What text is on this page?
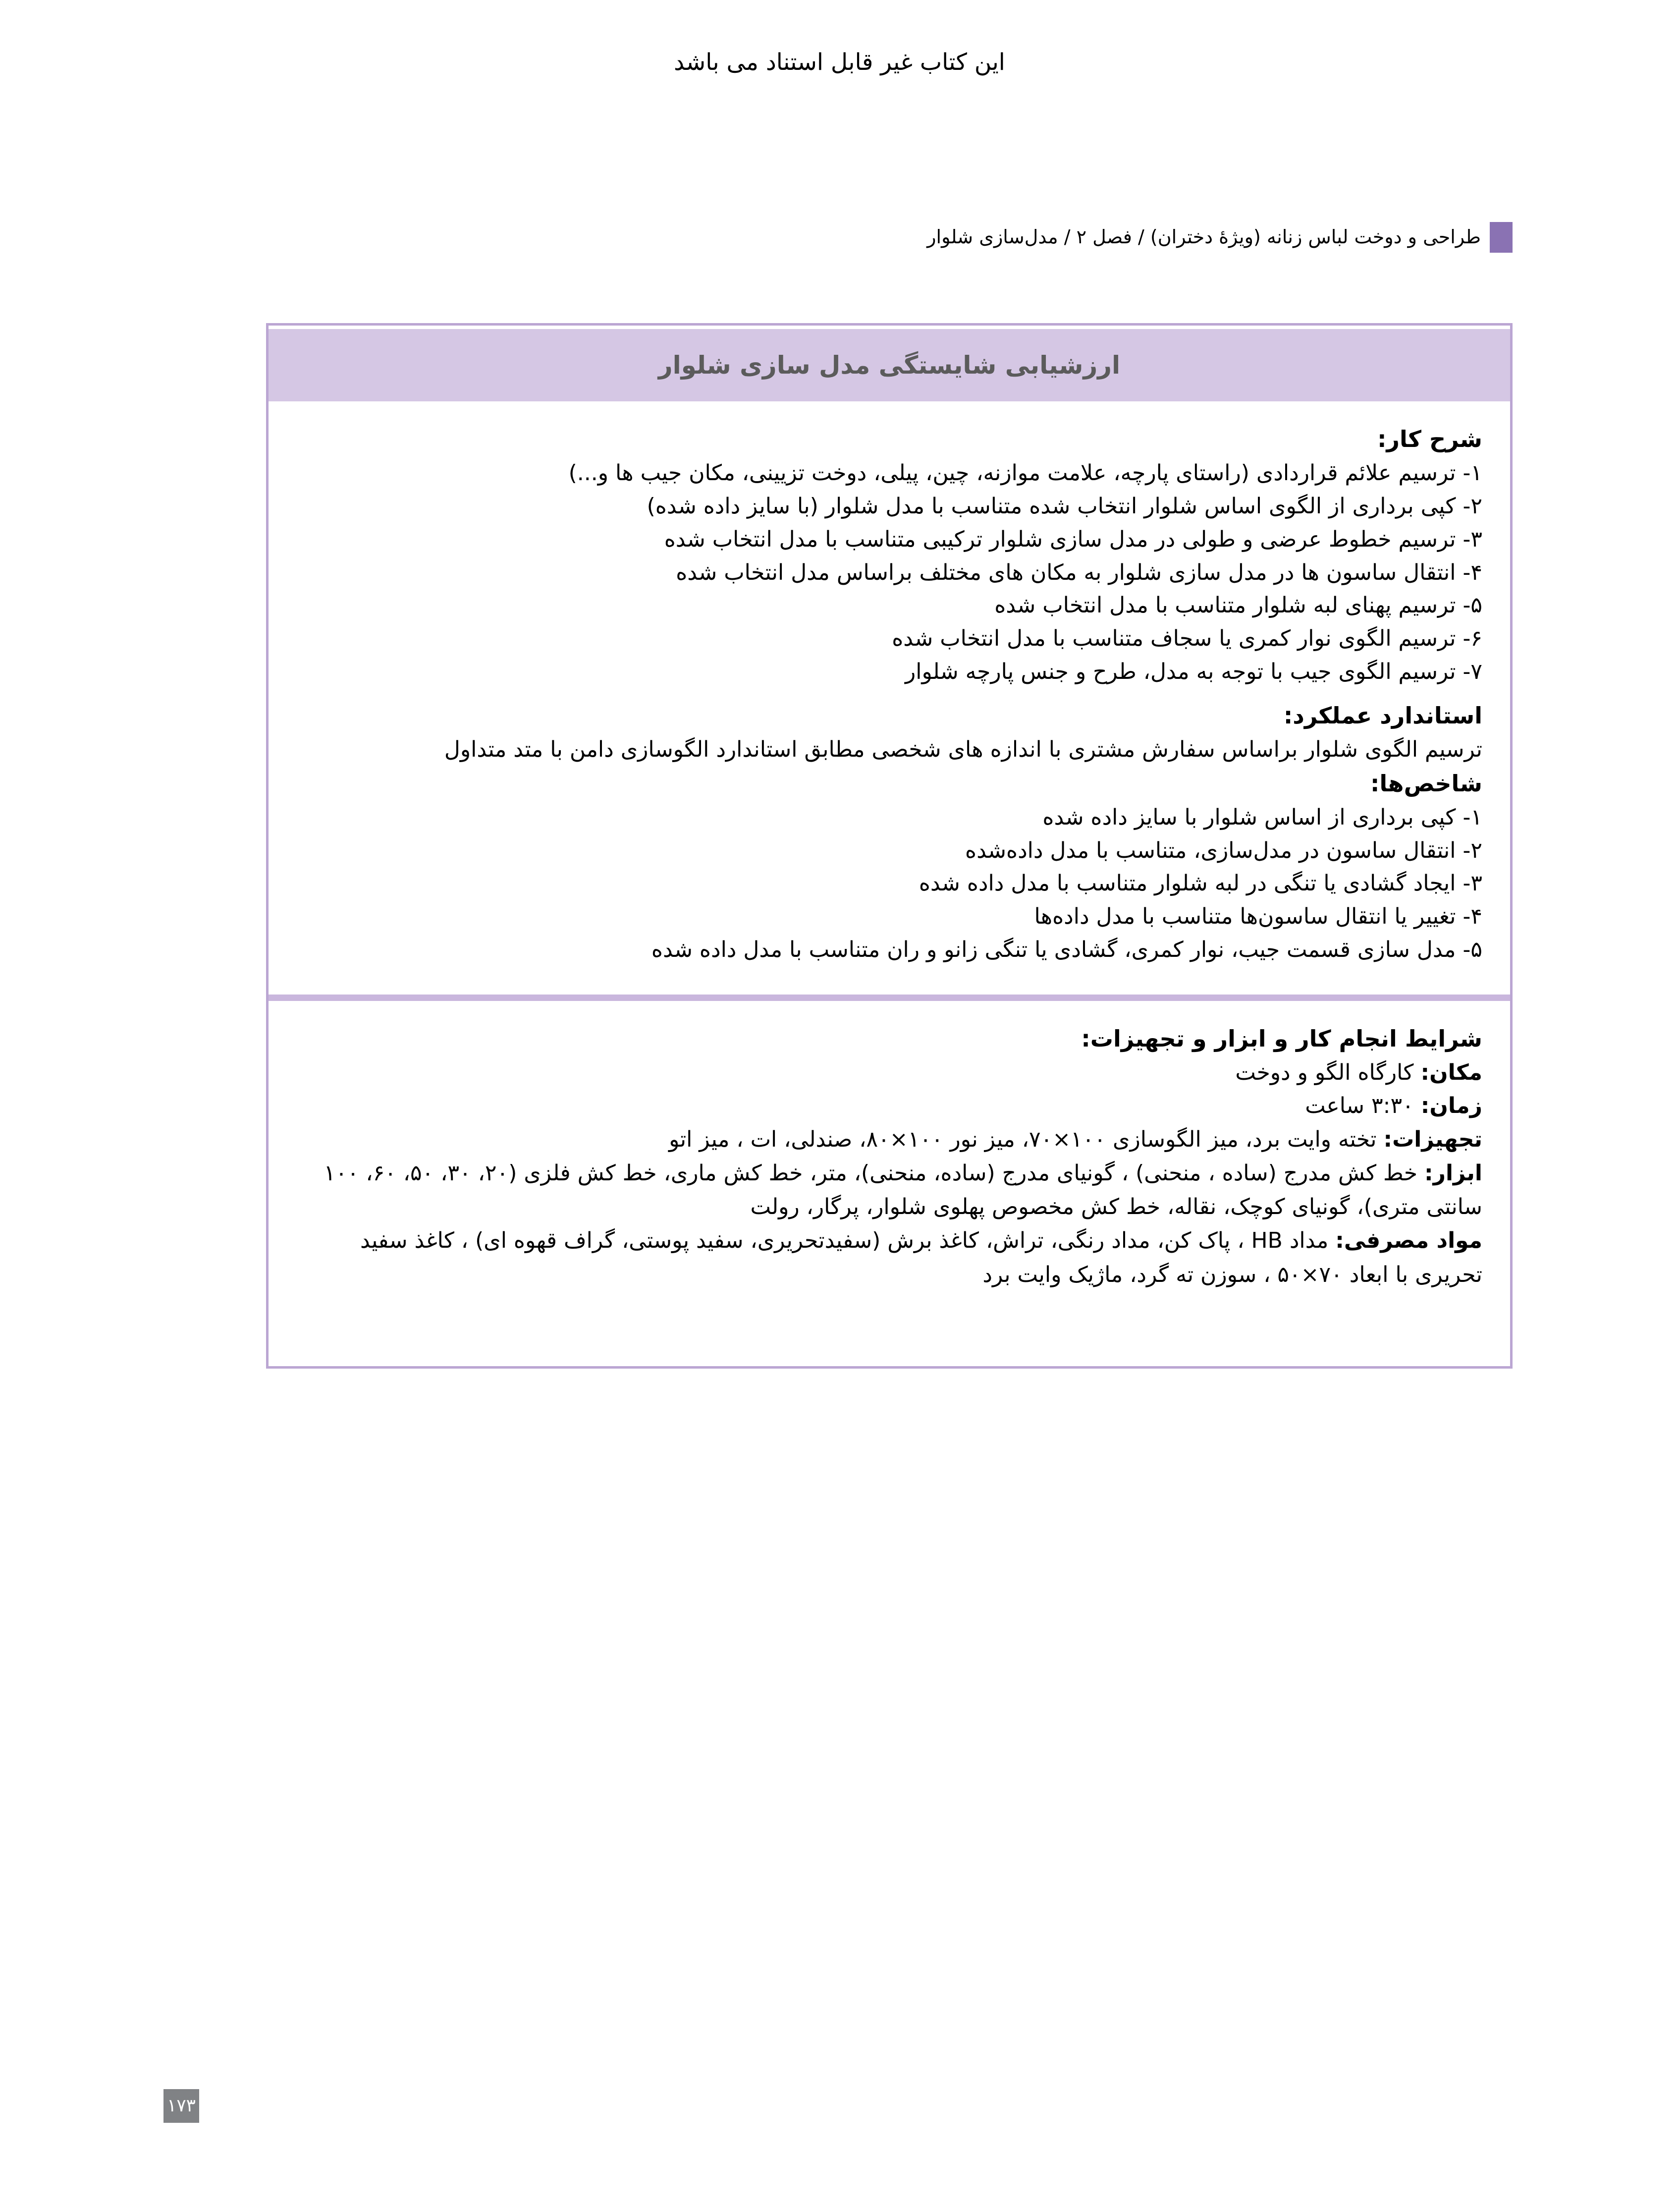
این کتاب غیر قابل استناد می باشد
طراحی و دوخت لباس زنانه (ویژۀ دختران) / فصل ۲ / مدل‌سازی شلوار
ارزشیابی شایستگی مدل سازی شلوار
شرح کار:
۱- ترسیم علائم قراردادی (راستای پارچه، علامت موازنه، چین، پیلی، دوخت تزیینی، مکان جیب ها و...)
۲- کپی برداری از الگوی اساس شلوار انتخاب شده متناسب با مدل شلوار (با سایز داده شده)
۳- ترسیم خطوط عرضی و طولی در مدل سازی شلوار ترکیبی متناسب با مدل انتخاب شده
۴- انتقال ساسون ها در مدل سازی شلوار به مکان های مختلف براساس مدل انتخاب شده
۵- ترسیم پهنای لبه شلوار متناسب با مدل انتخاب شده
۶- ترسیم الگوی نوار کمری یا سجاف متناسب با مدل انتخاب شده
۷- ترسیم الگوی جیب با توجه به مدل، طرح و جنس پارچه شلوار
استاندارد عملکرد:
ترسیم الگوی شلوار براساس سفارش مشتری با اندازه های شخصی مطابق استاندارد الگوسازی دامن با متد متداول
شاخص‌ها:
۱- کپی برداری از اساس شلوار با سایز داده شده
۲- انتقال ساسون در مدل‌سازی، متناسب با مدل داده‌شده
۳- ایجاد گشادی یا تنگی در لبه شلوار متناسب با مدل داده شده
۴- تغییر یا انتقال ساسون‌ها متناسب با مدل داده‌ها
۵- مدل سازی قسمت جیب، نوار کمری، گشادی یا تنگی زانو و ران متناسب با مدل داده شده
شرایط انجام کار و ابزار و تجهیزات:
مکان: کارگاه الگو و دوخت
زمان: ۳:۳۰ ساعت
تجهیزات: تخته وایت برد، میز الگوسازی ۱۰۰×۷۰، میز نور ۱۰۰×۸۰، صندلی، ات ، میز اتو
ابزار: خط کش مدرج (ساده ، منحنی) ، گونیای مدرج (ساده، منحنی)، متر، خط کش ماری، خط کش فلزی (۲۰، ۳۰، ۵۰، ۶۰، ۱۰۰ سانتی متری)، گونیای کوچک، نقاله، خط کش مخصوص پهلوی شلوار، پرگار، رولت
مواد مصرفی: مداد HB ، پاک کن، مداد رنگی، تراش، کاغذ برش (سفیدتحریری، سفید پوستی، گراف قهوه ای) ، کاغذ سفید تحریری با ابعاد ۷۰×۵۰ ، سوزن ته گرد، ماژیک وایت برد
۱۷۳
